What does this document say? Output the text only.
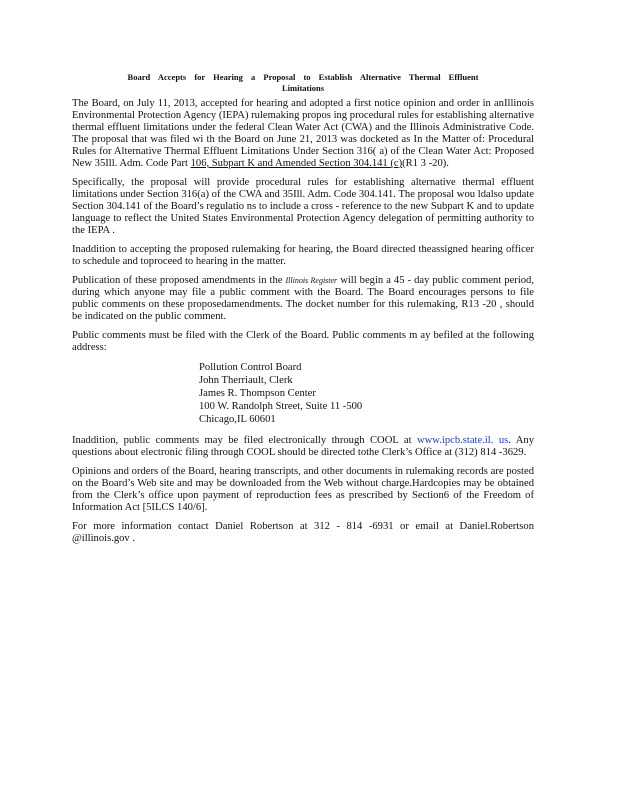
Board Accepts for Hearing a Proposal to Establish Alternative Thermal Effluent
Limitations

The Board, on July 11, 2013, accepted for hearing and adopted a first notice opinion and order in anIllinois Environmental Protection Agency (IEPA) rulemaking propos ing procedural rules for establishing alternative thermal effluent limitations under the federal Clean Water Act (CWA) and the Illinois Administrative Code. The proposal that was filed wi th the Board on June 21, 2013 was docketed as In the Matter of: Procedural Rules for Alternative Thermal Effluent Limitations Under Section 316( a) of the Clean Water Act: Proposed New 35Ill. Adm. Code Part 106, Subpart K and Amended Section 304.141 (c)(R1 3 -20).

Specifically, the proposal will provide procedural rules for establishing alternative thermal effluent limitations under Section 316(a) of the CWA and 35Ill. Adm. Code 304.141. The proposal wou ldalso update Section 304.141 of the Board’s regulatio ns to include a cross - reference to the new Subpart K and to update language to reflect the United States Environmental Protection Agency delegation of permitting authority to the IEPA .

Inaddition to accepting the proposed rulemaking for hearing, the Board directed theassigned hearing officer to schedule and toproceed to hearing in the matter.

Publication of these proposed amendments in the Illinois Register will begin a 45 - day public comment period, during which anyone may file a public comment with the Board. The Board encourages persons to file public comments on these proposedamendments. The docket number for this rulemaking, R13 -20 , should be indicated on the public comment.

Public comments must be filed with the Clerk of the Board. Public comments m ay befiled at the following address:

Pollution Control Board
John Therriault, Clerk
James R. Thompson Center
100 W. Randolph Street, Suite 11 -500
Chicago,IL 60601

Inaddition, public comments may be filed electronically through COOL at www.ipcb.state.il. us. Any questions about electronic filing through COOL should be directed tothe Clerk’s Office at (312) 814 -3629.

Opinions and orders of the Board, hearing transcripts, and other documents in rulemaking records are posted on the Board’s Web site and may be downloaded from the Web without charge.Hardcopies may be obtained from the Clerk’s office upon payment of reproduction fees as prescribed by Section6 of the Freedom of Information Act [5ILCS 140/6].

For more information contact Daniel Robertson at 312 - 814 -6931 or email at Daniel.Robertson @illinois.gov .
